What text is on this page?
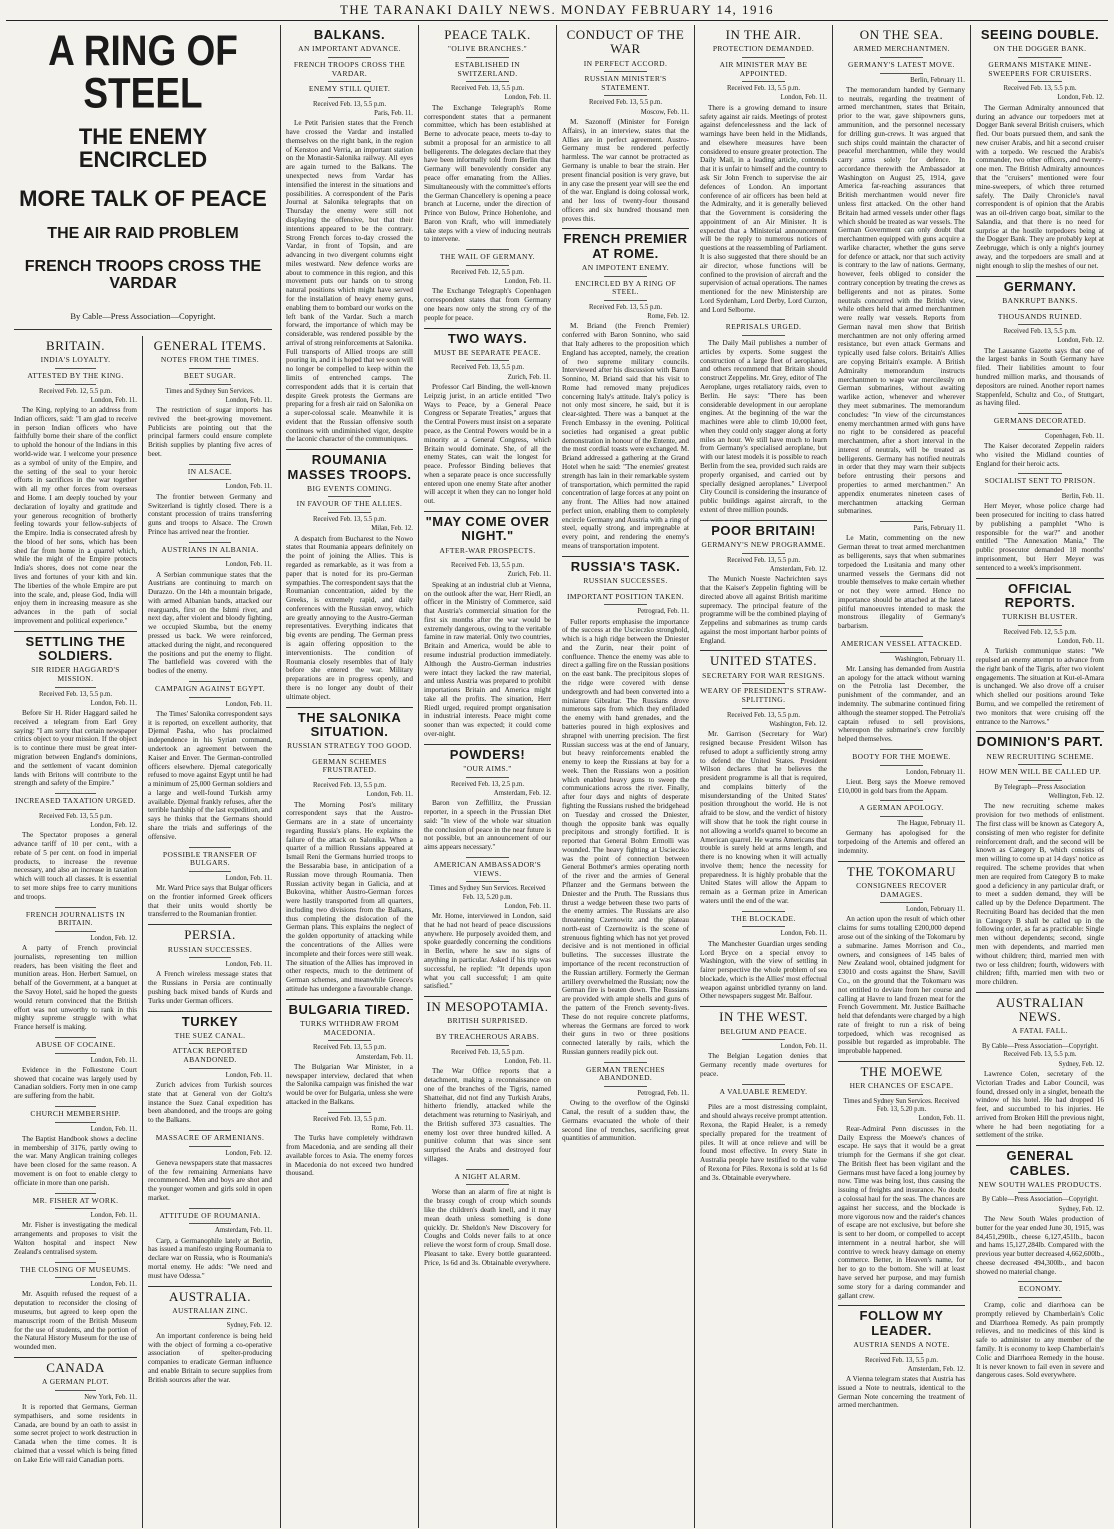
THE TARANAKI DAILY NEWS. MONDAY FEBRUARY 14, 1916
A RING OF STEEL
THE ENEMY ENCIRCLED
MORE TALK OF PEACE
THE AIR RAID PROBLEM
FRENCH TROOPS CROSS THE VARDAR
By Cable—Press Association—Copyright.
BRITAIN.
INDIA'S LOYALTY.
ATTESTED BY THE KING.
Received Feb. 12, 5.5 p.m.
London, Feb. 11.

The King, replying to an address from Indian officers, said: "I am glad to receive in person Indian officers who have faithfully borne their share of the conflict to uphold the honour of the Indians in this world-wide war. I welcome your presence as a symbol of unity of the Empire, and the setting of the seal to your heroic efforts in sacrifices in the war together with all my other forces from overseas and Home. I am deeply touched by your declaration of loyalty and gratitude and your generous recognition of brotherly feeling towards your fellow-subjects of the Empire. India is consecrated afresh by the blood of her sons, which has been shed far from home in a quarrel which, while the might of the Empire protects India's shores, does not come near the lives and fortunes of your kith and kin. The liberties of the whole Empire are put into the scale, and, please God, India will enjoy them in increasing measure as she advances in the path of social improvement and political experience."

SETTLING THE SOLDIERS.
SIR RIDER HAGGARD'S MISSION.
Received Feb. 13, 5.5 p.m.
London, Feb. 11.

Before Sir H. Rider Haggard sailed he received a telegram from Earl Grey saying: "I am sorry that certain newspaper critics object to your mission. If the object is to continue there must be great inter-migration between England's dominions, and the settlement of vacant dominion lands with Britons will contribute to the strength and safety of the Empire."

INCREASED TAXATION URGED.
Received Feb. 13, 5.5 p.m.
London, Feb. 12.

The Spectator proposes a general advance tariff of 10 per cent., with a rebate of 5 per cent. on food in imperial products, to increase the revenue necessary, and also an increase in taxation which will touch all classes. It is essential to set more ships free to carry munitions and troops.

FRENCH JOURNALISTS IN BRITAIN.
London, Feb. 12.

A party of French provincial journalists, representing ten million readers, has been visiting the fleet and munition areas. Hon. Herbert Samuel, on behalf of the Government, at a banquet at the Savoy Hotel, said he hoped the guests would return convinced that the British effort was not unworthy to rank in this mighty supreme struggle with what France herself is making.

ABUSE OF COCAINE.
London, Feb. 11.

Evidence in the Folkestone Court showed that cocaine was largely used by Canadian soldiers. Forty men in one camp are suffering from the habit.

CHURCH MEMBERSHIP.
London, Feb. 11.

The Baptist Handbook shows a decline in membership of 3176, partly owing to the war. Many Anglican training colleges have been closed for the same reason. A movement is on foot to enable clergy to officiate in more than one parish.

MR. FISHER AT WORK.
London, Feb. 11.

Mr. Fisher is investigating the medical arrangements and proposes to visit the Walton hospital and inspect New Zealand's centralised system.

THE CLOSING OF MUSEUMS.
London, Feb. 11.

Mr. Asquith refused the request of a deputation to reconsider the closing of museums, but agreed to keep open the manuscript room of the British Museum for the use of students, and the portion of the Natural History Museum for the use of wounded men.

CANADA
A GERMAN PLOT.
New York, Feb. 11.

It is reported that Germans, German sympathisers, and some residents in Canada, are bound by an oath to assist in some secret project to work destruction in Canada when the time comes. It is claimed that a vessel which is being fitted on Lake Erie will raid Canadian ports.

GENERAL ITEMS.
NOTES FROM THE TIMES.
BEET SUGAR.
Times and Sydney Sun Services.
London, Feb. 11.

The restriction of sugar imports has revived the beet-growing movement. Publicists are pointing out that the principal farmers could ensure complete British supplies by planting five acres of beet.

IN ALSACE.
London, Feb. 11.

The frontier between Germany and Switzerland is tightly closed. There is a constant procession of trains transferring guns and troops to Alsace. The Crown Prince has arrived near the frontier.

AUSTRIANS IN ALBANIA.
London, Feb. 11.

A Serbian communique states that the Austrians are continuing to march on Durazzo. On the 14th a mountain brigade, with armed Albanian bands, attacked our rearguards, first on the Ishmi river, and next day, after violent and bloody fighting, we occupied Skumba, but the enemy pressed us back. We were reinforced, attacked during the night, and reconquered the positions and put the enemy to flight. The battlefield was covered with the bodies of the enemy.

CAMPAIGN AGAINST EGYPT.
London, Feb. 11.

The Times' Salonika correspondent says it is reported, on excellent authority, that Djemal Pasha, who has proclaimed independence in his Syrian command, undertook an agreement between the Kaiser and Enver. The German-controlled officers elsewhere. Djemal categorically refused to move against Egypt until he had a minimum of 25,000 German soldiers and a large and well-found Turkish army available. Djemal frankly refuses, after the terrible hardship of the last expedition, and says he thinks that the Germans should share the trials and sufferings of the offensive.

POSSIBLE TRANSFER OF BULGARS.
London, Feb. 11.

Mr. Ward Price says that Bulgar officers on the frontier informed Greek officers that their units would shortly be transferred to the Roumanian frontier.

PERSIA.
RUSSIAN SUCCESSES.
London, Feb. 11.

A French wireless message states that the Russians in Persia are continually pushing back mixed bands of Kurds and Turks under German officers.

TURKEY
THE SUEZ CANAL.
ATTACK REPORTED ABANDONED.
London, Feb. 11.

Zurich advices from Turkish sources state that at General von der Goltz's instance the Suez Canal expedition has been abandoned, and the troops are going to the Balkans.

MASSACRE OF ARMENIANS.
London, Feb. 12.

Geneva newspapers state that massacres of the few remaining Armenians have recommenced. Men and boys are shot and the younger women and girls sold in open market.

ATTITUDE OF ROUMANIA.
Amsterdam, Feb. 11.

Carp, a Germanophile lately at Berlin, has issued a manifesto urging Roumania to declare war on Russia, who is Roumania's mortal enemy. He adds: "We need and must have Odessa."

AUSTRALIA.
AUSTRALIAN ZINC.
Sydney, Feb. 12.

An important conference is being held with the object of forming a co-operative association of spelter-producing companies to eradicate German influence and enable Britain to secure supplies from British sources after the war.

BALKANS.
AN IMPORTANT ADVANCE.
FRENCH TROOPS CROSS THE VARDAR.
ENEMY STILL QUIET.
Received Feb. 13, 5.5 p.m.
Paris, Feb. 11.

Le Petit Parisien states that the French have crossed the Vardar and installed themselves on the right bank, in the region of Kenstoo and Verria, an important station on the Monastir-Salonika railway. All eyes are again turned to the Balkans. The unexpected news from Vardar has intensified the interest in the situations and possibilities. A correspondent of the Paris Journal at Salonika telegraphs that on Thursday the enemy were still not displaying the offensive, but that their intentions appeared to be the contrary. Strong French forces to-day crossed the Vardar, in front of Topsin, and are advancing in two divergent columns eight miles westward. New defence works are about to commence in this region, and this movement puts our hands on to strong natural positions which might have served for the installation of heavy enemy guns, enabling them to bombard our works on the left bank of the Vardar. Such a march forward, the importance of which may be considerable, was rendered possible by the arrival of strong reinforcements at Salonika. Full transports of Allied troops are still pouring in, and it is hoped that we soon will no longer be compelled to keep within the limits of entrenched camps. The correspondent adds that it is certain that despite Greek protests the Germans are preparing for a fresh air raid on Salonika on a super-colossal scale. Meanwhile it is evident that the Russian offensive south continues with undiminished vigor, despite the laconic character of the communiques.

ROUMANIA MASSES TROOPS.
BIG EVENTS COMING.
IN FAVOUR OF THE ALLIES.
Received Feb. 13, 5.5 p.m.
Milan, Feb. 12.

A despatch from Bucharest to the Nowo states that Roumania appears definitely on the point of joining the Allies. This is regarded as remarkable, as it was from a paper that is noted for its pro-German sympathies. The correspondent says that the Roumanian concentration, aided by the Greeks, is extremely rapid, and daily conferences with the Russian envoy, which are greatly annoying to the Austro-German representatives. Everything indicates that big events are pending. The German press is again offering opposition to the interventionists. The condition of Roumania closely resembles that of Italy before she entered the war. Military preparations are in progress openly, and there is no longer any doubt of their ultimate object.

THE SALONIKA SITUATION.
RUSSIAN STRATEGY TOO GOOD.
GERMAN SCHEMES FRUSTRATED.
Received Feb. 13, 5.5 p.m.
London, Feb. 11.

The Morning Post's military correspondent says that the Austro-Germans are in a state of uncertainty regarding Russia's plans. He explains the failure of the attack on Salonika. When a quarter of a million Russians appeared at Ismail Reni the Germans hurried troops to the Bessarabia base, in anticipation of a Russian move through Roumania. Then Russian activity began in Galicia, and at Bukovina, whither Austro-German forces were hastily transported from all quarters, including two divisions from the Balkans, thus completing the dislocation of the German plans. This explains the neglect of the golden opportunity of attacking while the concentrations of the Allies were incomplete and their forces were still weak. The situation of the Allies has improved in other respects, much to the detriment of German schemes, and meanwhile Greece's attitude has undergone a favourable change.

BULGARIA TIRED.
TURKS WITHDRAW FROM MACEDONIA.
Received Feb. 13, 5.5 p.m.
Amsterdam, Feb. 11.

The Bulgarian War Minister, in a newspaper interview, declared that when the Salonika campaign was finished the war would be over for Bulgaria, unless she were attacked in the Balkans.

Received Feb. 13, 5.5 p.m.
Rome, Feb. 11.

The Turks have completely withdrawn from Macedonia, and are sending all their available forces to Asia. The enemy forces in Macedonia do not exceed two hundred thousand.

PEACE TALK.
"OLIVE BRANCHES."
ESTABLISHED IN SWITZERLAND.
Received Feb. 13, 5.5 p.m.
London, Feb. 11.

The Exchange Telegraph's Rome correspondent states that a permanent committee, which has been established at Berne to advocate peace, meets to-day to submit a proposal for an armistice to all belligerents. The delegates declare that they have been informally told from Berlin that Germany will benevolently consider any peace offer emanating from the Allies. Simultaneously with the committee's efforts the German Chancellery is opening a peace branch at Lucerne, under the direction of Prince von Bulow, Prince Hohenlohe, and Baron von Kraft, who will immediately take steps with a view of inducing neutrals to intervene.

THE WAIL OF GERMANY.
Received Feb. 12, 5.5 p.m.
London, Feb. 11.

The Exchange Telegraph's Copenhagen correspondent states that from Germany one hears now only the strong cry of the people for peace.

TWO WAYS.
MUST BE SEPARATE PEACE.
Received Feb. 13, 5.5 p.m.
Zurich, Feb. 11.

Professor Carl Binding, the well-known Leipzig jurist, in an article entitled "Two Ways to Peace, by a General Peace Congress or Separate Treaties," argues that the Central Powers must insist on a separate peace, as the Central Powers would be in a minority at a General Congress, which Britain would dominate. She, of all the enemy States, can wait the longest for peace. Professor Binding believes that when a separate peace is once successfully entered upon one enemy State after another will accept it when they can no longer hold out.

"MAY COME OVER NIGHT."
AFTER-WAR PROSPECTS.
Received Feb. 13, 5.5 p.m.
Zurich, Feb. 11.

Speaking at an industrial club at Vienna, on the outlook after the war, Herr Riedl, an officer in the Ministry of Commerce, said that Austria's commercial situation for the first six months after the war would be extremely dangerous, owing to the veritable famine in raw material. Only two countries, Britain and America, would be able to resume industrial production immediately. Although the Austro-German industries were intact they lacked the raw material, and unless Austria was prepared to prohibit importations Britain and America might take all the profits. The situation, Herr Riedl urged, required prompt organisation in industrial interests. Peace might come sooner than was expected; it could come over-night.

POWDERS!
"OUR AIMS."
Received Feb. 13, 2.5 p.m.
Amsterdam, Feb. 12.

Baron von Zeffillitz, the Prussian reporter, in a speech in the Prussian Diet said: "In view of the whole war situation the conclusion of peace in the near future is not possible, but an announcement of our aims appears necessary."

AMERICAN AMBASSADOR'S VIEWS.
Times and Sydney Sun Services. Received Feb. 13, 5.20 p.m.
London, Feb. 11.

Mr. Home, interviewed in London, said that he had not heard of peace discussions anywhere. He purposely avoided them, and spoke guardedly concerning the conditions in Berlin, where he saw no signs of anything in particular. Asked if his trip was successful, he replied: "It depends upon what you call successful; I am quite satisfied."

IN MESOPOTAMIA.
BRITISH SURPRISED.
BY TREACHEROUS ARABS.
Received Feb. 13, 5.5 p.m.
London, Feb. 11.

The War Office reports that a detachment, making a reconnaissance on one of the branches of the Tigris, named Shatteihat, did not find any Turkish Arabs, hitherto friendly, attacked while the detachment was returning to Nasiriyah, and the British suffered 373 casualties. The enemy lost over three hundred killed. A punitive column that was since sent surprised the Arabs and destroyed four villages.

A NIGHT ALARM.

Worse than an alarm of fire at night is the brassy cough of croup which sounds like the children's death knell, and it may mean death unless something is done quickly. Dr. Sheldon's New Discovery for Coughs and Colds never fails to at once relieve the worst form of croup. Small dose. Pleasant to take. Every bottle guaranteed. Price, 1s 6d and 3s. Obtainable everywhere.

CONDUCT OF THE WAR
IN PERFECT ACCORD.
RUSSIAN MINISTER'S STATEMENT.
Received Feb. 13, 5.5 p.m.
Moscow, Feb. 11.

M. Sazonoff (Minister for Foreign Affairs), in an interview, states that the Allies are in perfect agreement. Austro-Germany must be rendered perfectly harmless. The war cannot be protracted as Germany is unable to bear the strain. Her present financial position is very grave, but in any case the present year will see the end of the war. England is doing colossal work, and her loss of twenty-four thousand officers and six hundred thousand men proves this.

FRENCH PREMIER AT ROME.
AN IMPOTENT ENEMY.
ENCIRCLED BY A RING OF STEEL.
Received Feb. 13, 5.5 p.m.
Rome, Feb. 12.

M. Briand (the French Premier) conferred with Baron Sonnino, who said that Italy adheres to the proposition which England has accepted, namely, the creation of two supreme military councils. Interviewed after his discussion with Baron Sonnino, M. Briand said that his visit to Rome had removed many prejudices concerning Italy's attitude. Italy's policy is not only most sincere, he said, but it is clear-sighted. There was a banquet at the French Embassy in the evening. Political societies had organised a great public demonstration in honour of the Entente, and the most cordial toasts were exchanged. M. Briand addressed a gathering at the Grand Hotel when he said: "The enemies' greatest strength has lain in their remarkable system of transportation, which permitted the rapid concentration of large forces at any point on any front. The Allies had now attained perfect union, enabling them to completely encircle Germany and Austria with a ring of steel, equally strong, and impregnable at every point, and rendering the enemy's means of transportation impotent.

RUSSIA'S TASK.
RUSSIAN SUCCESSES.
IMPORTANT POSITION TAKEN.
Petrograd, Feb. 11.

Fuller reports emphasise the importance of the success at the Uscieczko stronghold, which is a high ridge between the Dniester and the Zurin, near their point of confluence. Thence the enemy was able to direct a galling fire on the Russian positions on the east bank. The precipitous slopes of the ridge were covered with dense undergrowth and had been converted into a miniature Gibraltar. The Russians drove numerous saps from which they enfiladed the enemy with hand grenades, and the batteries poured in high explosives and shrapnel with unerring precision. The first Russian success was at the end of January, but heavy reinforcements enabled the enemy to keep the Russians at bay for a week. Then the Russians won a position which enabled heavy guns to sweep the communications across the river. Finally, after four days and nights of desperate fighting the Russians rushed the bridgehead on Tuesday and crossed the Dniester, though the opposite bank was equally precipitous and strongly fortified. It is reported that General Bohm Ermolli was wounded. The heavy fighting at Uscieczko was the point of connection between General Bothmer's armies operating north of the river and the armies of General Pflanzer and the Germans between the Dniester and the Pruth. The Russians thus thrust a wedge between these two parts of the enemy armies. The Russians are also threatening Czernowitz and the plateau north-east of Czernowitz is the scene of strenuous fighting which has not yet proved decisive and is not mentioned in official bulletins. The successes illustrate the importance of the recent reconstruction of the Russian artillery. Formerly the German artillery overwhelmed the Russian; now the German fire is beaten down. The Russians are provided with ample shells and guns of the pattern of the French seventy-fives. These do not require concrete platforms, whereas the Germans are forced to work their guns in two or three positions connected laterally by rails, which the Russian gunners readily pick out.

GERMAN TRENCHES ABANDONED.
Petrograd, Feb. 11.

Owing to the overflow of the Oginski Canal, the result of a sudden thaw, the Germans evacuated the whole of their second line of trenches, sacrificing great quantities of ammunition.

IN THE AIR.
PROTECTION DEMANDED.
AIR MINISTER MAY BE APPOINTED.
Received Feb. 13, 5.5 p.m.
London, Feb. 11.

There is a growing demand to insure safety against air raids. Meetings of protest against defencelessness and the lack of warnings have been held in the Midlands, and elsewhere measures have been considered to ensure greater protection. The Daily Mail, in a leading article, contends that it is unfair to himself and the country to ask Sir John French to supervise the air defences of London. An important conference of air officers has been held at the Admiralty, and it is generally believed that the Government is considering the appointment of an Air Minister. It is expected that a Ministerial announcement will be the reply to numerous notices of questions at the reassembling of Parliament. It is also suggested that there should be an air director, whose functions will be confined to the provision of aircraft and the supervision of actual operations. The names mentioned for the new Ministership are Lord Sydenham, Lord Derby, Lord Curzon, and Lord Selborne.

REPRISALS URGED.

The Daily Mail publishes a number of articles by experts. Some suggest the construction of a large fleet of aeroplanes, and others recommend that Britain should construct Zeppelins. Mr. Grey, editor of The Aeroplane, urges retaliatory raids, even to Berlin. He says: "There has been considerable development in our aeroplane engines. At the beginning of the war the machines were able to climb 10,000 feet, when they could only stagger along at forty miles an hour. We still have much to learn from Germany's specialised aeroplane, but with our latest models it is possible to reach Berlin from the sea, provided such raids are properly organised, and carried out by specially designed aeroplanes." Liverpool City Council is considering the insurance of public buildings against aircraft, to the extent of three million pounds.

POOR BRITAIN!
GERMANY'S NEW PROGRAMME.
Received Feb. 13, 5.5 p.m.
Amsterdam, Feb. 12.

The Munich Nueste Nachrichten says that the Kaiser's Zeppelin fighting will be directed above all against British maritime supremacy. The principal feature of the programme will be the combined playing of Zeppelins and submarines as trump cards against the most important harbor points of England.

UNITED STATES.
SECRETARY FOR WAR RESIGNS.
WEARY OF PRESIDENT'S STRAW-SPLITTING.
Received Feb. 13, 5.5 p.m.
Washington, Feb. 12.

Mr. Garrison (Secretary for War) resigned because President Wilson has refused to adopt a sufficiently strong army to defend the United States. President Wilson declares that he believes the president programme is all that is required, and complains bitterly of the misunderstanding of the United States' position throughout the world. He is not afraid to be slow, and the verdict of history will show that he took the right course in not allowing a world's quarrel to become an American quarrel. He warns Americans that trouble is surely held at arms length, and there is no knowing when it will actually involve them; hence the necessity for preparedness. It is highly probable that the United States will allow the Appam to remain as a German prize in American waters until the end of the war.

THE BLOCKADE.
London, Feb. 11.

The Manchester Guardian urges sending Lord Bryce on a special envoy to Washington, with the view of settling in fairer perspective the whole problem of sea blockade, which is the Allies' most effectual weapon against unbridled tyranny on land. Other newspapers suggest Mr. Balfour.

IN THE WEST.
BELGIUM AND PEACE.
London, Feb. 11.

The Belgian Legation denies that Germany recently made overtures for peace.

A VALUABLE REMEDY.

Piles are a most distressing complaint, and should always receive prompt attention. Rexona, the Rapid Healer, is a remedy specially prepared for the treatment of piles. It will at once relieve and will be found most effective. In every State in Australia people have testified to the value of Rexona for Piles. Rexona is sold at 1s 6d and 3s. Obtainable everywhere.

ON THE SEA.
ARMED MERCHANTMEN.
GERMANY'S LATEST MOVE.
Berlin, February 11.

The memorandum handed by Germany to neutrals, regarding the treatment of armed merchantmen, states that Britain, prior to the war, gave shipowners guns, ammunition, and the personnel necessary for drilling gun-crews. It was argued that such ships could maintain the character of peaceful merchantmen, while they would carry arms solely for defence. In accordance therewith the Ambassador at Washington on August 25, 1914, gave America far-reaching assurances that British merchantmen would never fire unless first attacked. On the other hand Britain had armed vessels under other flags which should be treated as war vessels. The German Government can only doubt that merchantmen equipped with guns acquire a warlike character, whether the guns serve for defence or attack, nor that such activity is contrary to the law of nations. Germany, however, feels obliged to consider the contrary conception by treating the crews as belligerents and not as pirates. Some neutrals concurred with the British view, while others held that armed merchantmen were really war vessels. Reports from German naval men show that British merchantmen are not only offering armed resistance, but even attack Germans and typically used false colors. Britain's Allies are copying Britain's example. A British Admiralty memorandum instructs merchantmen to wage war mercilessly on German submarines, without awaiting warlike action, whenever and wherever they meet submarines. The memorandum concludes: "In view of the circumstances enemy merchantmen armed with guns have no right to be considered as peaceful merchantmen, after a short interval in the interest of neutrals, will be treated as belligerents. Germany has notified neutrals in order that they may warn their subjects before entrusting their persons and properties to armed merchantmen." An appendix enumerates nineteen cases of merchantmen attacking German submarines.

Paris, February 11.

Le Matin, commenting on the new German threat to treat armed merchantmen as belligerents, says that when submarines torpedoed the Lusitania and many other unarmed vessels the Germans did not trouble themselves to make certain whether or not they were armed. Hence no importance should be attached at the latest pitiful manoeuvres intended to mask the monstrous illegality of Germany's barbarism.

AMERICAN VESSEL ATTACKED.
Washington, February 11.

Mr. Lansing has demanded from Austria an apology for the attack without warning on the Petrolia last December, the punishment of the commander, and an indemnity. The submarine continued firing although the steamer stopped. The Petrolia's captain refused to sell provisions, whereupon the submarine's crew forcibly helped themselves.

BOOTY FOR THE MOEWE.
London, February 11.

Lieut. Berg says the Moewe removed £10,000 in gold bars from the Appam.

A GERMAN APOLOGY.
The Hague, February 11.

Germany has apologised for the torpedoing of the Artemis and offered an indemnity.

THE TOKOMARU
CONSIGNEES RECOVER DAMAGES.
London, February 11.

An action upon the result of which other claims for sums totalling £200,000 depend arose out of the sinking of the Tokomaru by a submarine. James Morrison and Co., owners, and consignees of 145 bales of New Zealand wool, obtained judgment for £3010 and costs against the Shaw, Savill Co., on the ground that the Tokomaru was not entitled to deviate from her course and calling at Havre to land frozen meat for the French Government. Mr. Justice Bailhache held that defendants were charged by a high rate of freight to run a risk of being torpedoed, which was recognised as possible but regarded as improbable. The improbable happened.

THE MOEWE
HER CHANCES OF ESCAPE.
Times and Sydney Sun Services. Received Feb. 13, 5.20 p.m.
London, Feb. 11.

Rear-Admiral Penn discusses in the Daily Express the Moewe's chances of escape. He says that it would be a great triumph for the Germans if she got clear. The British fleet has been vigilant and the Germans must have faced a long journey by now. Time was being lost, thus causing the issuing of freights and insurance. No doubt a colossal haul for the seas. The chances are against her success, and the blockade is more vigorous now and the raider's chances of escape are not exclusive, but before she is sent to her doom, or compelled to accept internment in a neutral harbor, she will contrive to wreck heavy damage on enemy commerce. Better, in Heaven's name, for her to go to the bottom. She will at least have served her purpose, and may furnish some story for a daring commander and gallant crew.

FOLLOW MY LEADER.
AUSTRIA SENDS A NOTE.
Received Feb. 13, 5.5 p.m.
Amsterdam, Feb. 12.

A Vienna telegram states that Austria has issued a Note to neutrals, identical to the German Note concerning the treatment of armed merchantmen.

SEEING DOUBLE.
ON THE DOGGER BANK.
GERMANS MISTAKE MINE-SWEEPERS FOR CRUISERS.
Received Feb. 13, 5.5 p.m.
London, Feb. 12.

The German Admiralty announced that during an advance our torpedoers met at Dogger Bank several British cruisers, which fled. Our boats pursued them, and sank the new cruiser Arabis, and hit a second cruiser with a torpedo. We rescued the Arabis's commander, two other officers, and twenty-one men. The British Admiralty announces that the "cruisers" mentioned were four mine-sweepers, of which three returned safely. The Daily Chronicle's naval correspondent is of opinion that the Arabis was an oil-driven cargo boat, similar to the Salandia, and that there is no need for surprise at the hostile torpedoers being at the Dogger Bank. They are probably kept at Zeebrugge, which is only a night's journey away, and the torpedoers are small and at night enough to slip the meshes of our net.

GERMANY.
BANKRUPT BANKS.
THOUSANDS RUINED.
Received Feb. 13, 5.5 p.m.
London, Feb. 12.

The Lausanne Gazette says that one of the largest banks in South Germany have filed. Their liabilities amount to four hundred million marks, and thousands of depositors are ruined. Another report names Stappenfeld, Schultz and Co., of Stuttgart, as having filed.

GERMANS DECORATED.
Copenhagen, Feb. 11.

The Kaiser decorated Zeppelin raiders who visited the Midland counties of England for their heroic acts.

SOCIALIST SENT TO PRISON.
Berlin, Feb. 11.

Herr Meyer, whose police charge had been prosecuted for inciting to class hatred by publishing a pamphlet "Who is responsible for the war?" and another entitled "The Annexation Mania," The public prosecutor demanded 18 months' imprisonment, but Herr Meyer was sentenced to a week's imprisonment.

OFFICIAL REPORTS.
TURKISH BLUSTER.
Received Feb. 12, 5.5 p.m.
London, Feb. 11.

A Turkish communique states: "We repulsed an enemy attempt to advance from the right bank of the Tigris, after two violent engagements. The situation at Kut-el-Amara is unchanged. We also drove off a cruiser which shelled our positions around Teke Burnu, and we compelled the retirement of two monitors that were cruising off the entrance to the Narrows."

DOMINION'S PART.
NEW RECRUITING SCHEME.
HOW MEN WILL BE CALLED UP.
By Telegraph—Press Association
Wellington, Feb. 12.

The new recruiting scheme makes provision for two methods of enlistment. The first class will be known as Category A, consisting of men who register for definite reinforcement draft, and the second will be known as Category B, which consists of men willing to come up at 14 days' notice as required. The scheme provides that when men are required from Category B to make good a deficiency in any particular draft, or to meet a sudden demand, they will be called up by the Defence Department. The Recruiting Board has decided that the men in Category B shall be called up in the following order, as far as practicable: Single men without dependents; second, single men with dependents, and married men without children; third, married men with two or less children; fourth, widowers with children; fifth, married men with two or more children.

AUSTRALIAN NEWS.
A FATAL FALL.
By Cable—Press Association—Copyright. Received Feb. 13, 5.5 p.m.
Sydney, Feb. 12.

Lawrence Colen, secretary of the Victorian Trades and Labor Council, was found, dressed only in a singlet, beneath the window of his hotel. He had dropped 16 feet, and succumbed to his injuries. He arrived from Broken Hill the previous night, where he had been negotiating for a settlement of the strike.

GENERAL CABLES.
NEW SOUTH WALES PRODUCTS.
By Cable—Press Association—Copyright.
Sydney, Feb. 12.

The New South Wales production of butter for the year ended June 30, 1915, was 84,451,290lb., cheese 6,127,451lb., bacon and hams 15,127,284lb. Compared with the previous year butter decreased 4,662,600lb., cheese decreased 494,300lb., and bacon showed no material change.

ECONOMY.

Cramp, colic and diarrhoea can be promptly relieved by Chamberlain's Colic and Diarrhoea Remedy. As pain promptly relieves, and no medicines of this kind is safe to administer to any member of the family. It is economy to keep Chamberlain's Colic and Diarrhoea Remedy in the house. It is never known to fail even in severe and dangerous cases. Sold everywhere.
